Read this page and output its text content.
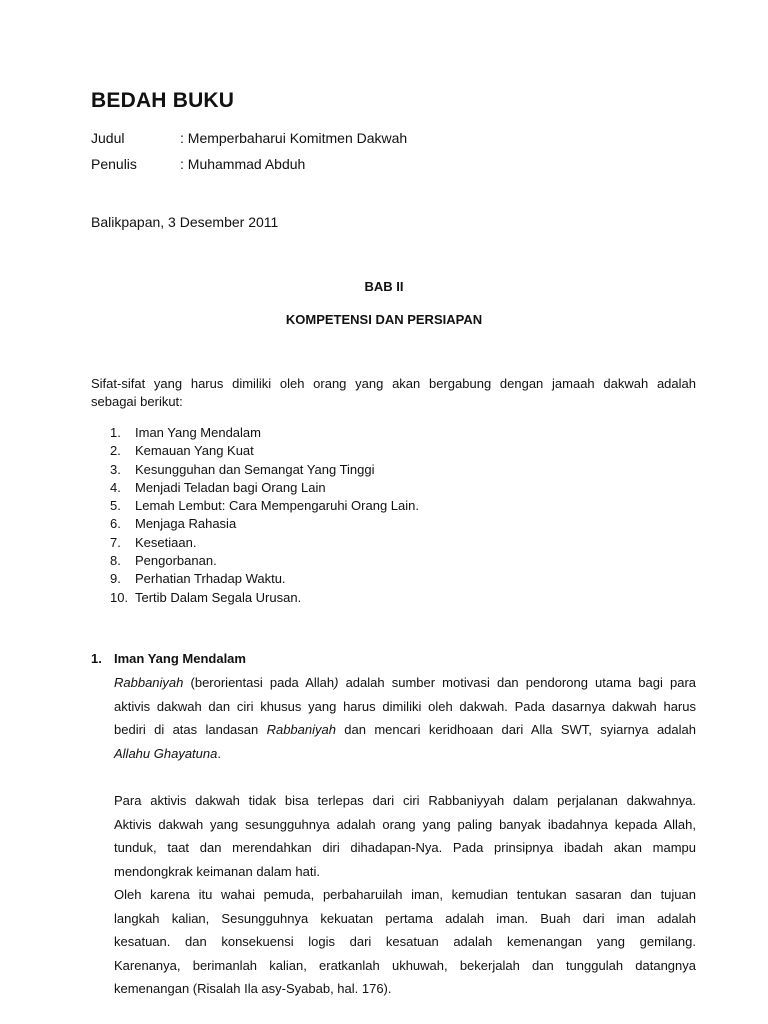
BEDAH BUKU
Judul	: Memperbaharui Komitmen Dakwah
Penulis	: Muhammad Abduh
Balikpapan, 3 Desember 2011
BAB II
KOMPETENSI DAN PERSIAPAN
Sifat-sifat yang harus dimiliki oleh orang yang akan bergabung dengan jamaah dakwah adalah
sebagai berikut:
1.	Iman Yang Mendalam
2.	Kemauan Yang Kuat
3.	Kesungguhan dan Semangat Yang Tinggi
4.	Menjadi Teladan bagi Orang Lain
5.	Lemah Lembut: Cara Mempengaruhi Orang Lain.
6.	Menjaga Rahasia
7.	Kesetiaan.
8.	Pengorbanan.
9.	Perhatian Trhadap Waktu.
10. Tertib Dalam Segala Urusan.
1. Iman Yang Mendalam
Rabbaniyah (berorientasi pada Allah) adalah sumber motivasi dan pendorong utama bagi para
aktivis dakwah dan ciri khusus yang harus dimiliki oleh dakwah. Pada dasarnya dakwah harus
bediri di atas landasan Rabbaniyah dan mencari keridhoaan dari Alla SWT, syiarnya adalah
Allahu Ghayatuna.
Para aktivis dakwah tidak bisa terlepas dari ciri Rabbaniyyah dalam perjalanan dakwahnya.
Aktivis dakwah yang sesungguhnya adalah orang yang paling banyak ibadahnya kepada Allah,
tunduk, taat dan merendahkan diri dihadapan-Nya. Pada prinsipnya ibadah akan mampu
mendongkrak keimanan dalam hati.
Oleh karena itu wahai pemuda, perbaharuilah iman, kemudian tentukan sasaran dan tujuan
langkah kalian, Sesungguhnya kekuatan pertama adalah iman. Buah dari iman adalah
kesatuan. dan konsekuensi logis dari kesatuan adalah kemenangan yang gemilang.
Karenanya, berimanlah kalian, eratkanlah ukhuwah, bekerjalah dan tunggulah datangnya
kemenangan (Risalah Ila asy-Syabab, hal. 176).
